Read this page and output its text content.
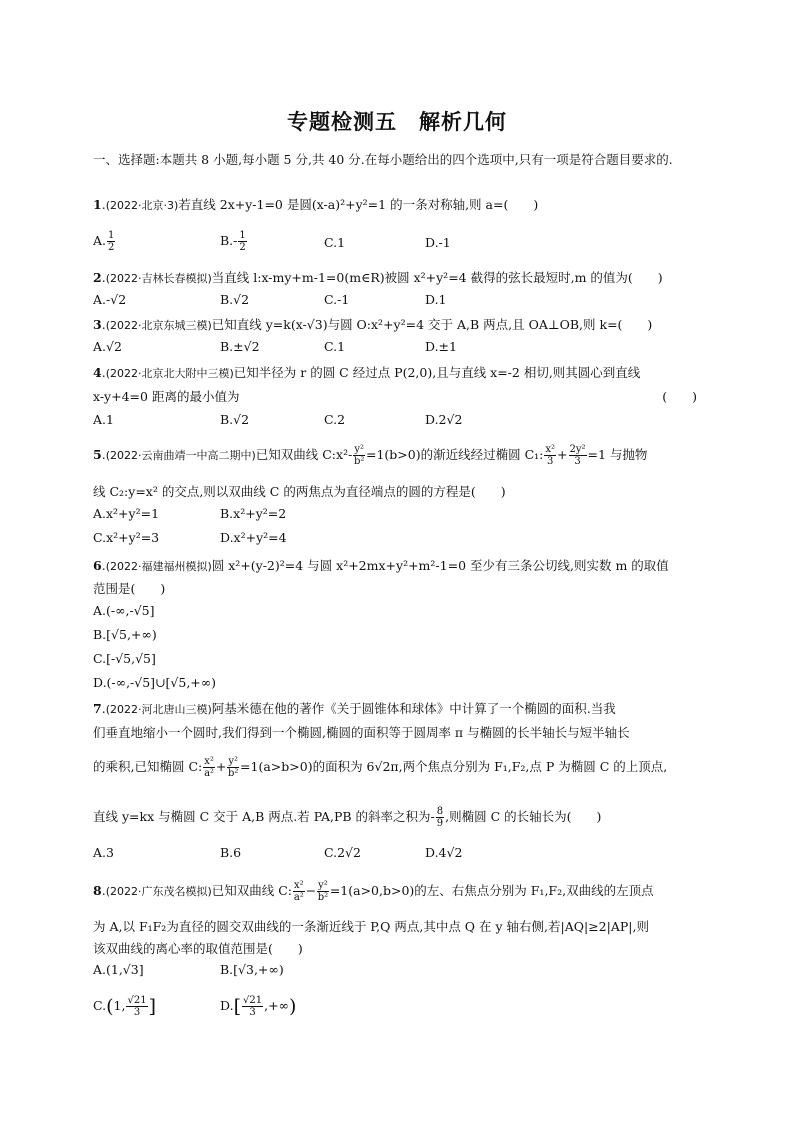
专题检测五　解析几何
一、选择题:本题共 8 小题,每小题 5 分,共 40 分.在每小题给出的四个选项中,只有一项是符合题目要求的.
1.(2022·北京·3)若直线 2x+y-1=0 是圆(x-a)²+y²=1 的一条对称轴,则 a=(　　)
A. $\frac{1}{2}$	$B.- \frac{1}{2}$	C.1	D.-1
2.(2022·吉林长春模拟)当直线 l:x-my+m-1=0(m∈R)被圆 x²+y²=4 截得的弦长最短时,m 的值为(　　)
A.-√2	B.√2	C.-1	D.1
3.(2022·北京东城三模)已知直线 y=k(x-√3)与圆 O:x²+y²=4 交于 A,B 两点,且 OA⊥OB,则 k=(　　)
A.√2	B.±√2	C.1	D.±1
4.(2022·北京北大附中三模)已知半径为 r 的圆 C 经过点 P(2,0),且与直线 x=-2 相切,则其圆心到直线
x-y+4=0 距离的最小值为	(　　)
A.1	B.√2	C.2	D.2√2
5.(2022·云南曲靖一中高二期中)已知双曲线 C:x²- $\frac{\text{y²}}{\text{b²}} =1(b>0)$的渐近线经过椭圆 C₁: $\frac{\text{x²}}{3} + \frac{\text{2y²}}{3} =1$ 与抛物
线 C₂:y=x² 的交点,则以双曲线 C 的两焦点为直径端点的圆的方程是(　　)
A.x²+y²=1	B.x²+y²=2
C.x²+y²=3	D.x²+y²=4
6.(2022·福建福州模拟)圆 x²+(y-2)²=4 与圆 x²+2mx+y²+m²-1=0 至少有三条公切线,则实数 m 的取值
范围是(　　)
A.(-∞,-√5]
B.[√5,+∞)
C.[-√5,√5]
D.(-∞,-√5]∪[√5,+∞)
7.(2022·河北唐山三模)阿基米德在他的著作《关于圆锥体和球体》中计算了一个椭圆的面积.当我
们垂直地缩小一个圆时,我们得到一个椭圆,椭圆的面积等于圆周率 π 与椭圆的长半轴长与短半轴长
的乘积,已知椭圆 C: $\frac{\text{x²}}{\text{a²}} + \frac{\text{y²}}{\text{b²}} =1(a>b>0)$的面积为 6√2π,两个焦点分别为 F₁,F₂,点 P 为椭圆 C 的上顶点,
直线 y=kx 与椭圆 C 交于 A,B 两点.若 PA,PB 的斜率之积为- $\frac{8}{9}$ ,则椭圆 C 的长轴长为(　　)
A.3	B.6	C.2√2	D.4√2
8.(2022·广东茂名模拟)已知双曲线 C: $\frac{\text{x²}}{\text{a²}} - \frac{\text{y²}}{\text{b²}} =1(a>0,b>0)$的左、右焦点分别为 F₁,F₂,双曲线的左顶点
为 A,以 F₁F₂为直径的圆交双曲线的一条渐近线于 P,Q 两点,其中点 Q 在 y 轴右侧,若|AQ|≥2|AP|,则
该双曲线的离心率的取值范围是(　　)
A.(1,√3]	B.[√3,+∞)
C.(1, $\frac{√21}{3}$ ]	$D.[ \frac{√21}{3}$ ,+∞)
